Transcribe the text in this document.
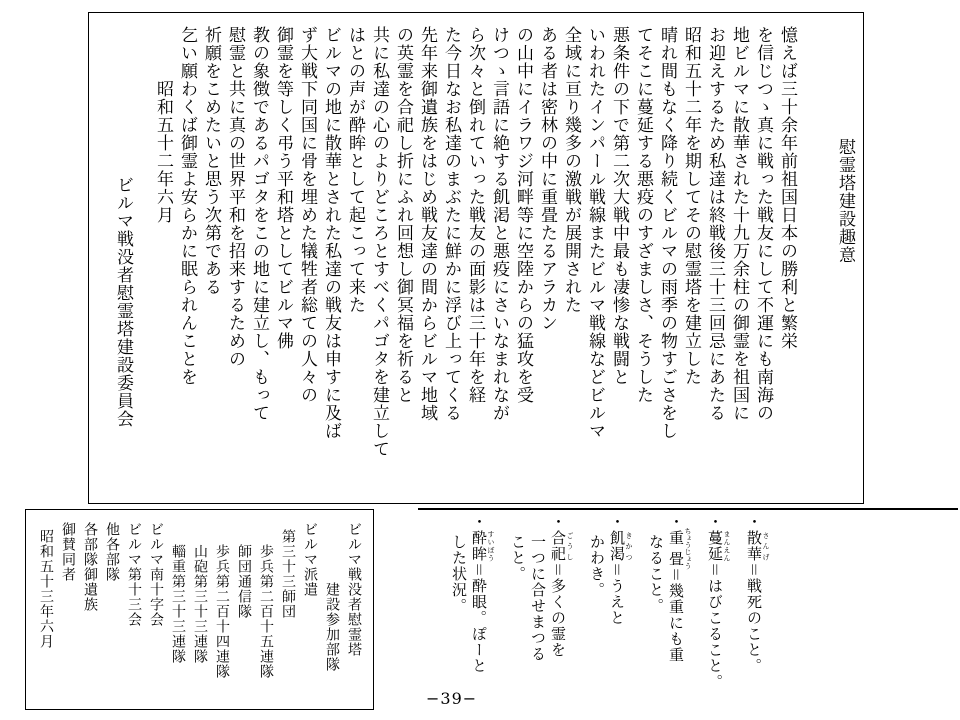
慰霊塔建設趣意
憶えば三十余年前祖国日本の勝利と繁栄
を信じつゝ真に戦った戦友にして不運にも南海の
地ビルマに散華された十九万余柱の御霊を祖国に
お迎えするため私達は終戦後三十三回忌にあたる
昭和五十二年を期してその慰霊塔を建立した
晴れ間もなく降り続くビルマの雨季の物すごさをし
てそこに蔓延する悪疫のすざましさ、そうした
悪条件の下で第二次大戦中最も凄惨な戦闘と
いわれたインパール戦線またビルマ戦線などビルマ
全域に亘り幾多の激戦が展開された
ある者は密林の中に重畳たるアラカン
の山中にイラワジ河畔等に空陸からの猛攻を受
けつゝ言語に絶する飢渇と悪疫にさいなまれなが
ら次々と倒れていった戦友の面影は三十年を経
た今日なお私達のまぶたに鮮かに浮び上ってくる
先年来御遺族をはじめ戦友達の間からビルマ地域
の英霊を合祀し折にふれ回想し御冥福を祈ると
共に私達の心のよりどころとすべくパゴタを建立して
はとの声が酔眸として起こって来た
ビルマの地に散華とされた私達の戦友は申すに及ば
ず大戦下同国に骨を埋めた犠牲者総ての人々の
御霊を等しく弔う平和塔としてビルマ佛
教の象徴であるパゴタをこの地に建立し、もって
慰霊と共に真の世界平和を招来するための
祈願をこめたいと思う次第である
乞い願わくば御霊よ安らかに眠られんことを
昭和五十二年六月
ビルマ戦没者慰霊塔建設委員会
・散華 さんげ＝戦死のこと。
・蔓延 まんえん＝はびこること。
・重畳 ちょうじょう＝幾重にも重
なること。
・飢渇 きかつ＝うえと
かわき。
・合祀 ごうし＝多くの霊を
一つに合せまつる
こと。
・酔眸 すいぼう＝酔眼。ぽーと
した状況。
ビルマ戦没者慰霊塔
建設参加部隊
ビルマ派遣
第三十三師団
歩兵第二百十五連隊
師団通信隊
歩兵第二百十四連隊
山砲第三十三連隊
輜重第三十三連隊
ビルマ南十字会
ビルマ第十三会
他各部隊
各部隊御遺族
御賛同者
昭和五十三年六月
−39−
